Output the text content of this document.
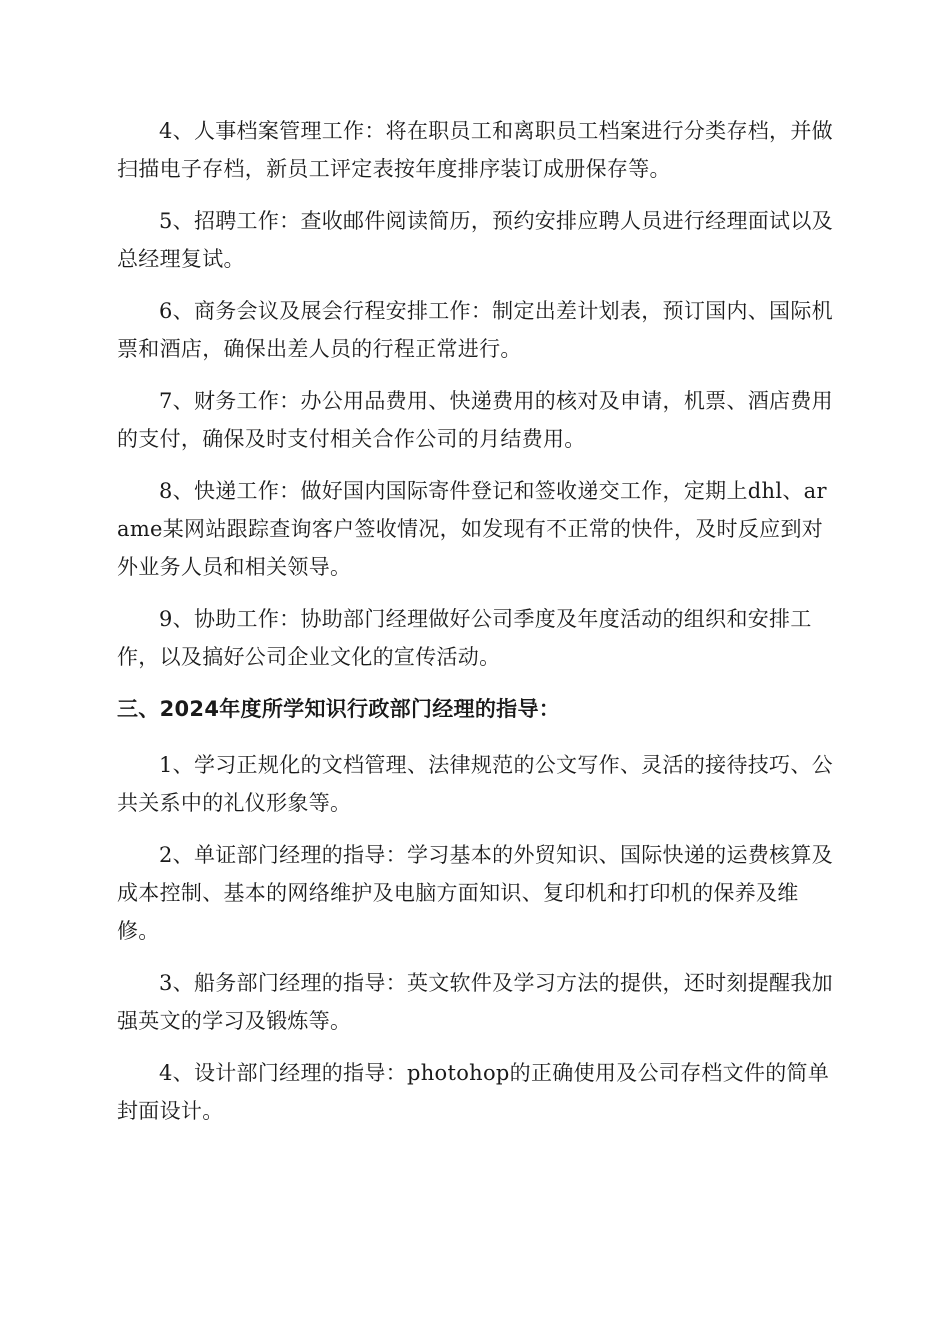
4、人事档案管理工作：将在职员工和离职员工档案进行分类存档，并做扫描电子存档，新员工评定表按年度排序装订成册保存等。

5、招聘工作：查收邮件阅读简历，预约安排应聘人员进行经理面试以及总经理复试。

6、商务会议及展会行程安排工作：制定出差计划表，预订国内、国际机票和酒店，确保出差人员的行程正常进行。

7、财务工作：办公用品费用、快递费用的核对及申请，机票、酒店费用的支付，确保及时支付相关合作公司的月结费用。

8、快递工作：做好国内国际寄件登记和签收递交工作，定期上dhl、arame某网站跟踪查询客户签收情况，如发现有不正常的快件，及时反应到对外业务人员和相关领导。

9、协助工作：协助部门经理做好公司季度及年度活动的组织和安排工作，以及搞好公司企业文化的宣传活动。

三、2024年度所学知识行政部门经理的指导：

1、学习正规化的文档管理、法律规范的公文写作、灵活的接待技巧、公共关系中的礼仪形象等。

2、单证部门经理的指导：学习基本的外贸知识、国际快递的运费核算及成本控制、基本的网络维护及电脑方面知识、复印机和打印机的保养及维修。

3、船务部门经理的指导：英文软件及学习方法的提供，还时刻提醒我加强英文的学习及锻炼等。

4、设计部门经理的指导：photohop的正确使用及公司存档文件的简单封面设计。
